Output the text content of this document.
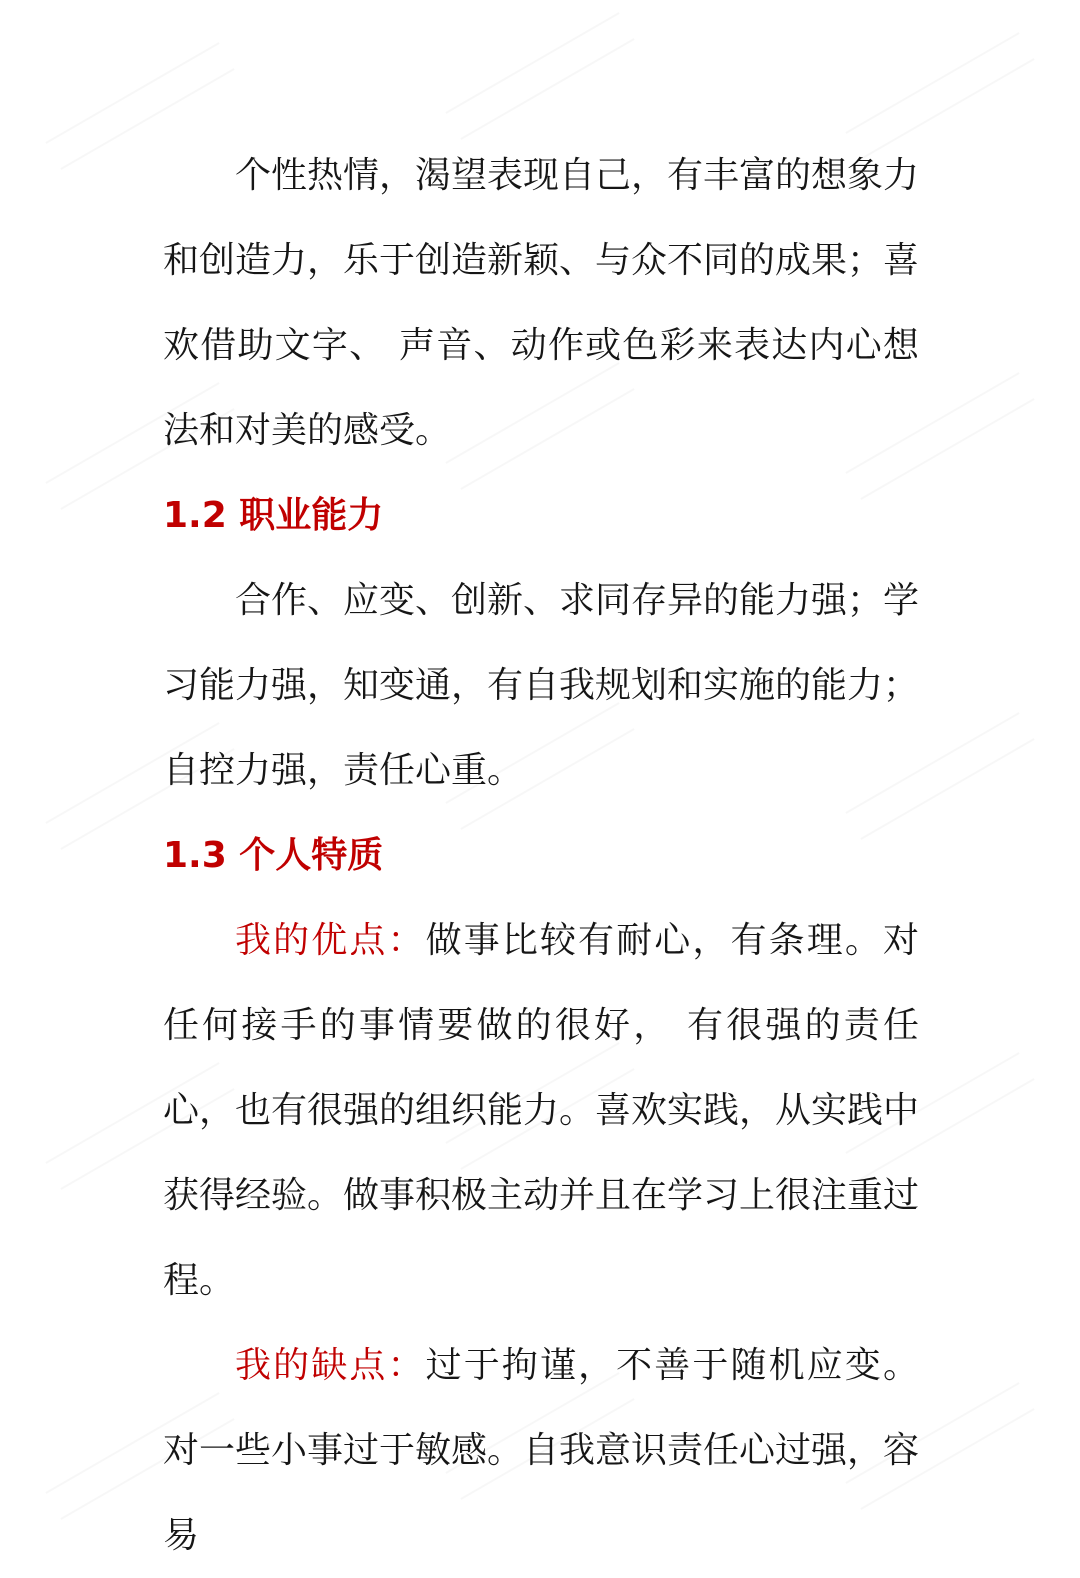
个性热情，渴望表现自己，有丰富的想象力和创造力，乐于创造新颖、与众不同的成果；喜欢借助文字、 声音、动作或色彩来表达内心想法和对美的感受。

1.2 职业能力

合作、应变、创新、求同存异的能力强；学习能力强，知变通，有自我规划和实施的能力；自控力强，责任心重。

1.3 个人特质

我的优点：做事比较有耐心，有条理。对任何接手的事情要做的很好， 有很强的责任心，也有很强的组织能力。喜欢实践，从实践中获得经验。做事积极主动并且在学习上很注重过程。

我的缺点：过于拘谨，不善于随机应变。对一些小事过于敏感。自我意识责任心过强，容易
